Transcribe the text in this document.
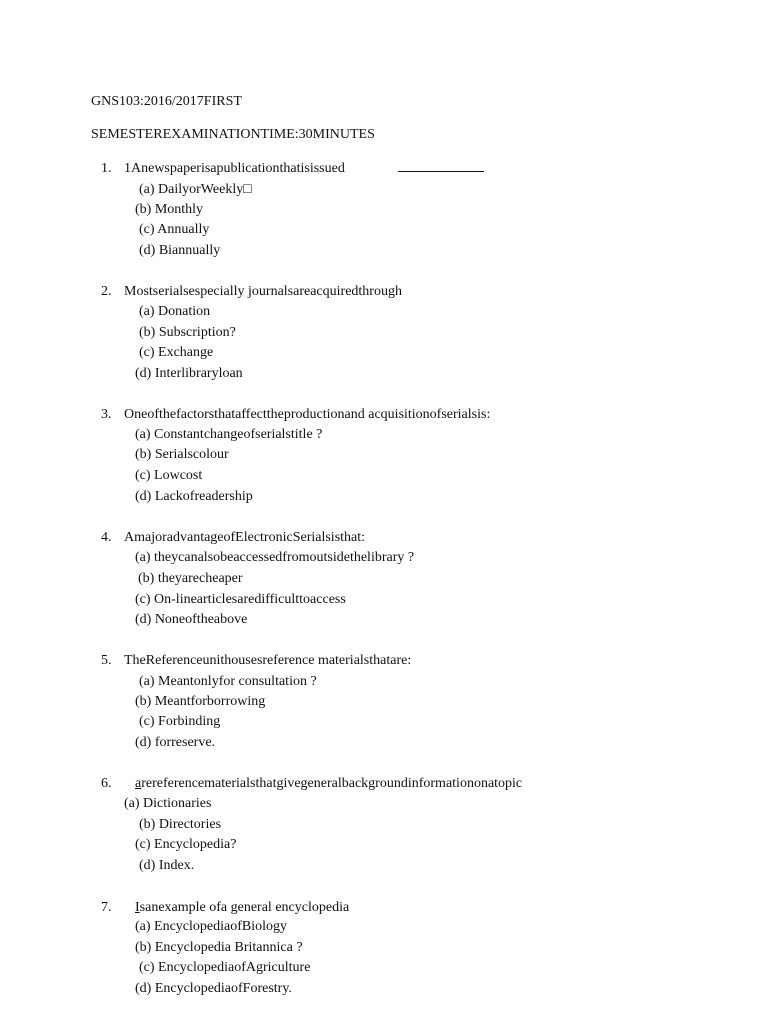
GNS103:2016/2017FIRST
SEMESTEREXAMINATIONTIME:30MINUTES
1. 1Anewspaperisapublicationthatisissued
(a) DailyorWeekly□
(b) Monthly
(c) Annually
(d) Biannually
2. Mostserialsespecially journalsareacquiredthrough
(a) Donation
(b) Subscription?
(c) Exchange
(d) Interlibraryloan
3. Oneofthefactorsthataffecttheproductionand acquisitionofserialsis:
(a) Constantchangeofserialstitle ?
(b) Serialscolour
(c) Lowcost
(d) Lackofreadership
4. AmajoradvantageofElectronicSerialsisthat:
(a) theycanalsobeaccessedfromoutsidethelibrary ?
(b) theyarecheaper
(c) On-linearticlesaredifficulttoaccess
(d) Noneoftheabove
5. TheReferenceunithousesreference materialsthatare:
(a) Meantonlyfor consultation ?
(b) Meantforborrowing
(c) Forbinding
(d) forreserve.
6. arereferencematerialsthatgivegeneralbackgroundinformationonatopic
(a) Dictionaries
(b) Directories
(c) Encyclopedia?
(d) Index.
7. Isanexample ofa general encyclopedia
(a) EncyclopediaofBiology
(b) Encyclopedia Britannica ?
(c) EncyclopediaofAgriculture
(d) EncyclopediaofForestry.
